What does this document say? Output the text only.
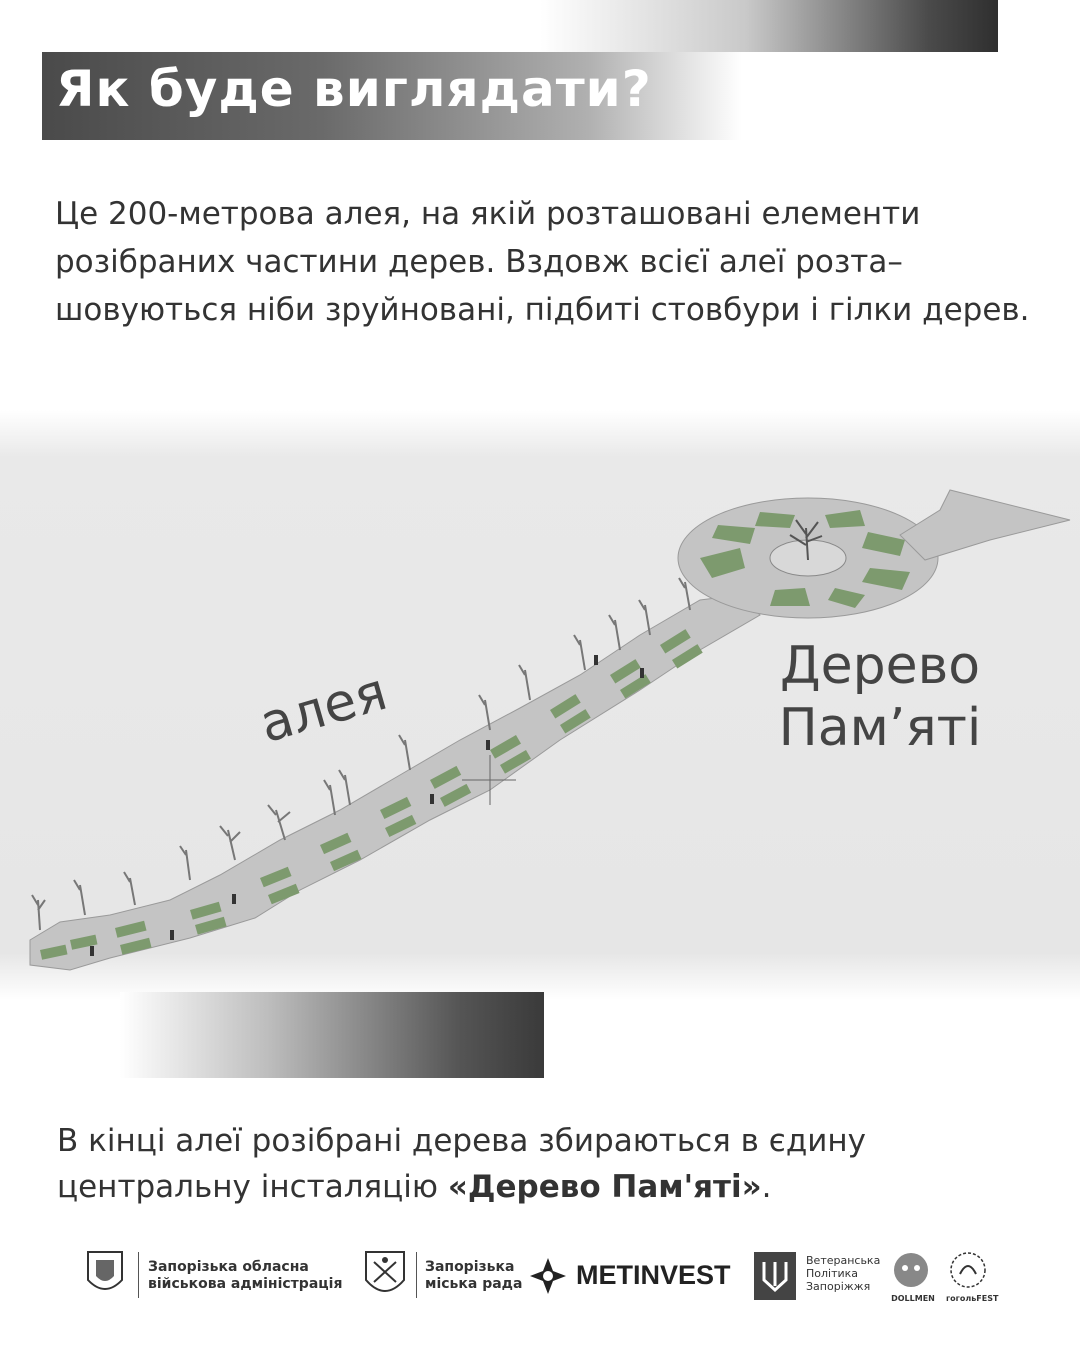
Як буде виглядати?
Це 200-метрова алея, на якій розташовані елементи розібраних частини дерев. Вздовж всієї алеї розта–шовуються ніби зруйновані, підбиті стовбури і гілки дерев.
алея	Дерево
Пам’яті
В кінці алеї розібрані дерева збираються в єдину центральну інсталяцію «Дерево Пам'яті».
Запорізька обласна
військова адміністрація
Запорізька
міська рада METINVEST	Ветеранська
Політика
Запоріжжя
DOLLMEN гогольFEST
